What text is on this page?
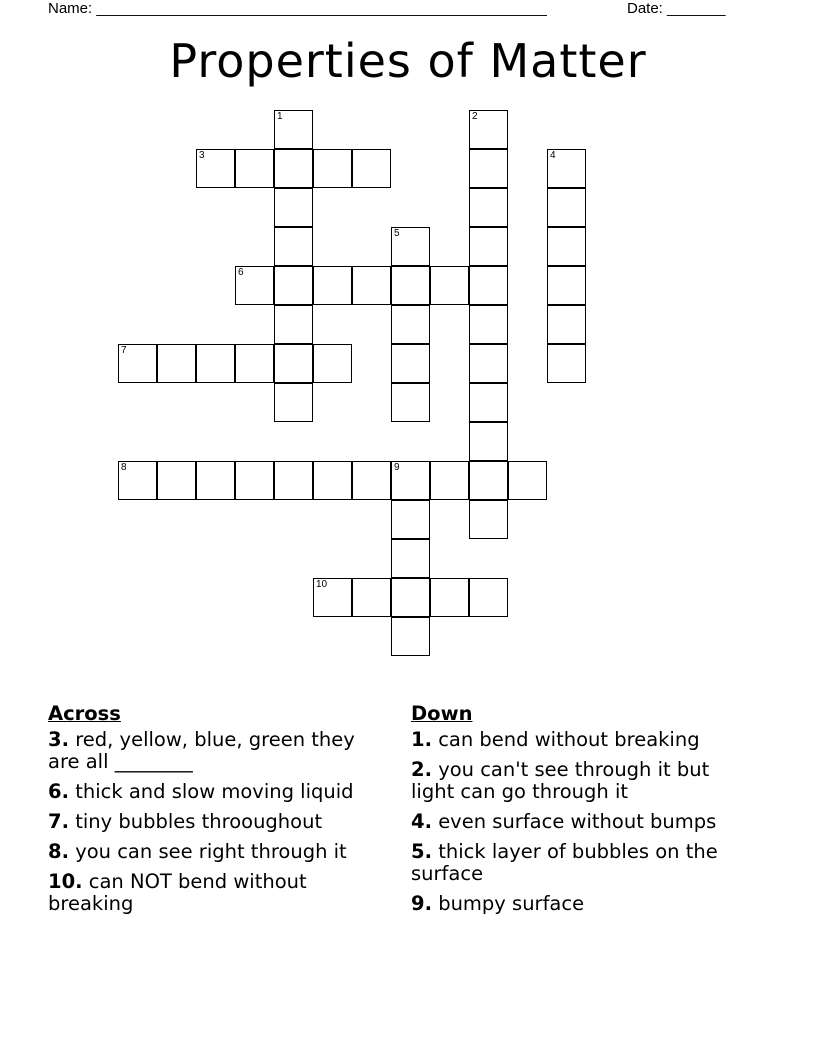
Name: ______________________________________________________	Date: _______
Properties of Matter
3
6
7
8	9
10
1	2
4
5
Across
3. red, yellow, blue, green they are all ________
6. thick and slow moving liquid
7. tiny bubbles throoughout
8. you can see right through it
10. can NOT bend without breaking
Down
1. can bend without breaking
2. you can't see through it but light can go through it
4. even surface without bumps
5. thick layer of bubbles on the surface
9. bumpy surface
